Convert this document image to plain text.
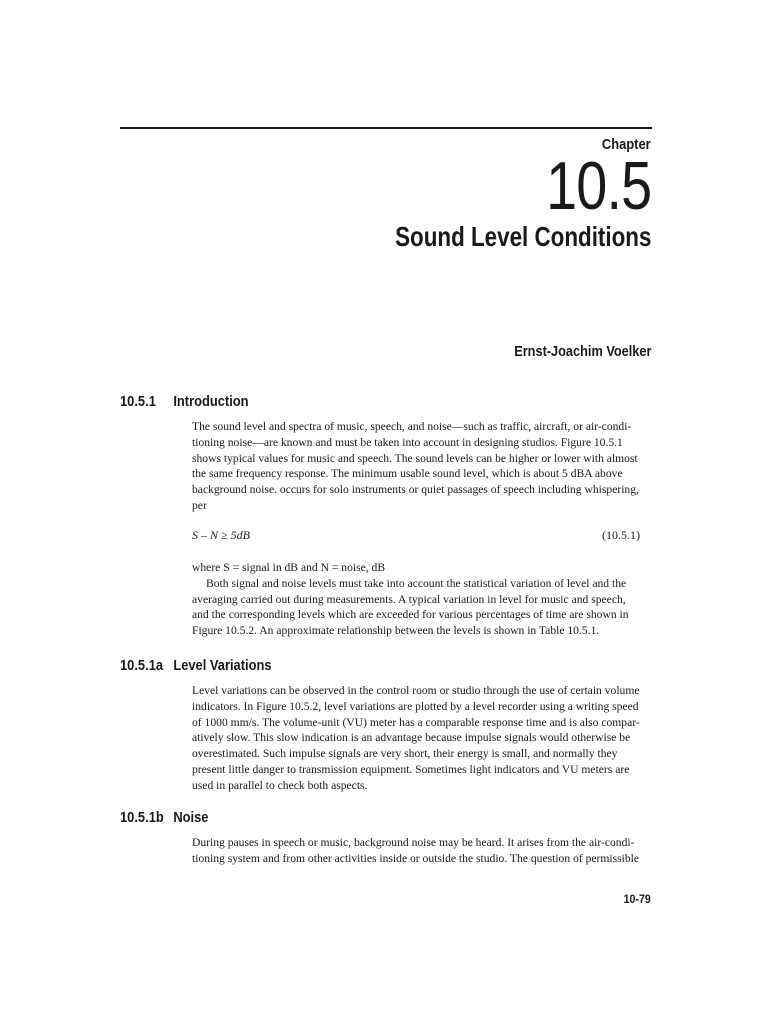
Chapter
10.5
Sound Level Conditions
Ernst-Joachim Voelker
10.5.1 Introduction
The sound level and spectra of music, speech, and noise—such as traffic, aircraft, or air-condi-
tioning noise—are known and must be taken into account in designing studios. Figure 10.5.1
shows typical values for music and speech. The sound levels can be higher or lower with almost
the same frequency response. The minimum usable sound level, which is about 5 dBA above
background noise. occurs for solo instruments or quiet passages of speech including whispering,
per
S – N ≥ 5dB	(10.5.1)
where S = signal in dB and N = noise, dB
Both signal and noise levels must take into account the statistical variation of level and the
averaging carried out during measurements. A typical variation in level for music and speech,
and the corresponding levels which are exceeded for various percentages of time are shown in
Figure 10.5.2. An approximate relationship between the levels is shown in Table 10.5.1.
10.5.1a Level Variations
Level variations can be observed in the control room or studio through the use of certain volume
indicators. In Figure 10.5.2, level variations are plotted by a level recorder using a writing speed
of 1000 mm/s. The volume-unit (VU) meter has a comparable response time and is also compar-
atively slow. This slow indication is an advantage because impulse signals would otherwise be
overestimated. Such impulse signals are very short, their energy is small, and normally they
present little danger to transmission equipment. Sometimes light indicators and VU meters are
used in parallel to check both aspects.
10.5.1b Noise
During pauses in speech or music, background noise may be heard. It arises from the air-condi-
tioning system and from other activities inside or outside the studio. The question of permissible
10-79
